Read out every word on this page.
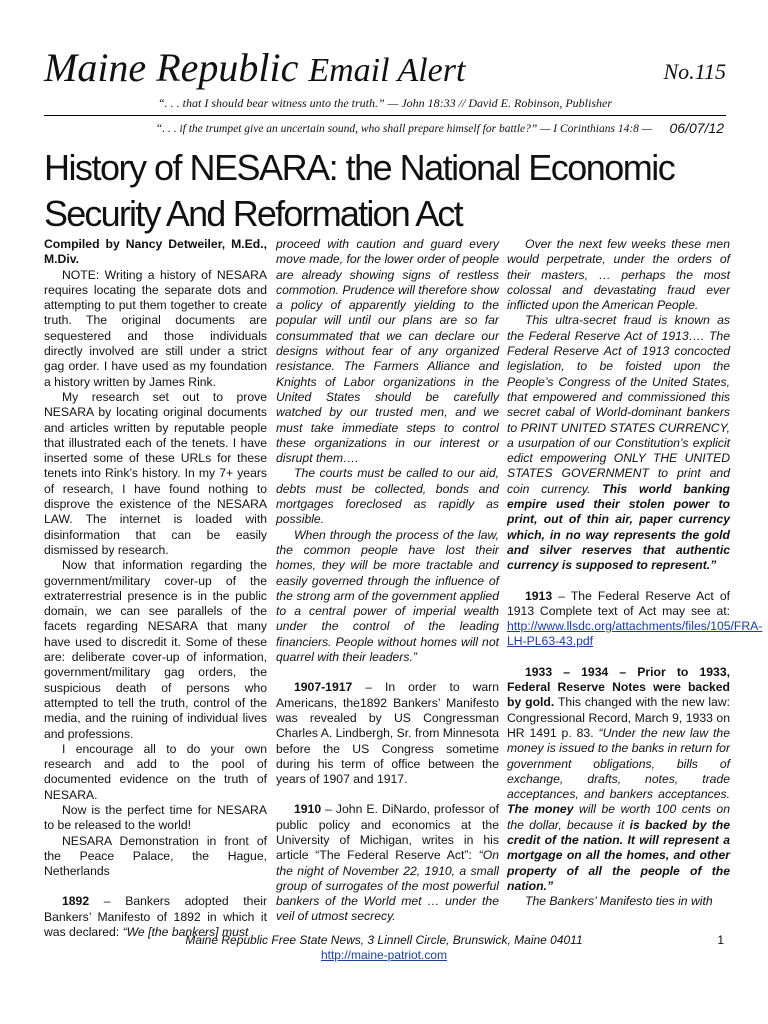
Maine Republic Email Alert	No.115
“. . . that I should bear witness unto the truth.” — John 18:33 // David E. Robinson, Publisher
“. . . if the trumpet give an uncertain sound, who shall prepare himself for battle?” — I Corinthians 14:8 — 06/07/12
History of NESARA: the National Economic
Security And Reformation Act

Compiled by Nancy Detweiler, M.Ed., M.Div.

NOTE: Writing a history of NESARA requires locating the separate dots and attempting to put them together to create truth. The original documents are sequestered and those individuals directly involved are still under a strict gag order. I have used as my foundation a history written by James Rink.

My research set out to prove NESARA by locating original documents and articles written by reputable people that illustrated each of the tenets. I have inserted some of these URLs for these tenets into Rink’s history. In my 7+ years of research, I have found nothing to disprove the existence of the NESARA LAW. The internet is loaded with disinformation that can be easily dismissed by research.

Now that information regarding the government/military cover-up of the extraterrestrial presence is in the public domain, we can see parallels of the facets regarding NESARA that many have used to discredit it. Some of these are: deliberate cover-up of information, government/military gag orders, the suspicious death of persons who attempted to tell the truth, control of the media, and the ruining of individual lives and professions.

I encourage all to do your own research and add to the pool of documented evidence on the truth of NESARA.

Now is the perfect time for NESARA to be released to the world!

NESARA Demonstration in front of the Peace Palace, the Hague, Netherlands

1892 – Bankers adopted their Bankers’ Manifesto of 1892 in which it was declared: “We [the bankers] must

proceed with caution and guard every move made, for the lower order of people are already showing signs of restless commotion. Prudence will therefore show a policy of apparently yielding to the popular will until our plans are so far consummated that we can declare our designs without fear of any organized resistance. The Farmers Alliance and Knights of Labor organizations in the United States should be carefully watched by our trusted men, and we must take immediate steps to control these organizations in our interest or disrupt them….

The courts must be called to our aid, debts must be collected, bonds and mortgages foreclosed as rapidly as possible.

When through the process of the law, the common people have lost their homes, they will be more tractable and easily governed through the influence of the strong arm of the government applied to a central power of imperial wealth under the control of the leading financiers. People without homes will not quarrel with their leaders.”

1907-1917 – In order to warn Americans, the1892 Bankers’ Manifesto was revealed by US Congressman Charles A. Lindbergh, Sr. from Minnesota before the US Congress sometime during his term of office between the years of 1907 and 1917.

1910 – John E. DiNardo, professor of public policy and economics at the University of Michigan, writes in his article “The Federal Reserve Act”: “On the night of November 22, 1910, a small group of surrogates of the most powerful bankers of the World met … under the veil of utmost secrecy.

Over the next few weeks these men would perpetrate, under the orders of their masters, … perhaps the most colossal and devastating fraud ever inflicted upon the American People.

This ultra-secret fraud is known as the Federal Reserve Act of 1913…. The Federal Reserve Act of 1913 concocted legislation, to be foisted upon the People’s Congress of the United States, that empowered and commissioned this secret cabal of World-dominant bankers to PRINT UNITED STATES CURRENCY, a usurpation of our Constitution’s explicit edict empowering ONLY THE UNITED STATES GOVERNMENT to print and coin currency. This world banking empire used their stolen power to print, out of thin air, paper currency which, in no way represents the gold and silver reserves that authentic currency is supposed to represent.”

1913 – The Federal Reserve Act of 1913 Complete text of Act may see at: http://www.llsdc.org/attachments/files/105/FRA-LH-PL63-43.pdf

1933 – 1934 – Prior to 1933, Federal Reserve Notes were backed by gold. This changed with the new law: Congressional Record, March 9, 1933 on HR 1491 p. 83. “Under the new law the money is issued to the banks in return for government obligations, bills of exchange, drafts, notes, trade acceptances, and bankers acceptances. The money will be worth 100 cents on the dollar, because it is backed by the credit of the nation. It will represent a mortgage on all the homes, and other property of all the people of the nation.”

The Bankers’ Manifesto ties in with

Maine Republic Free State News, 3 Linnell Circle, Brunswick, Maine 04011
http://maine-patriot.com
1
